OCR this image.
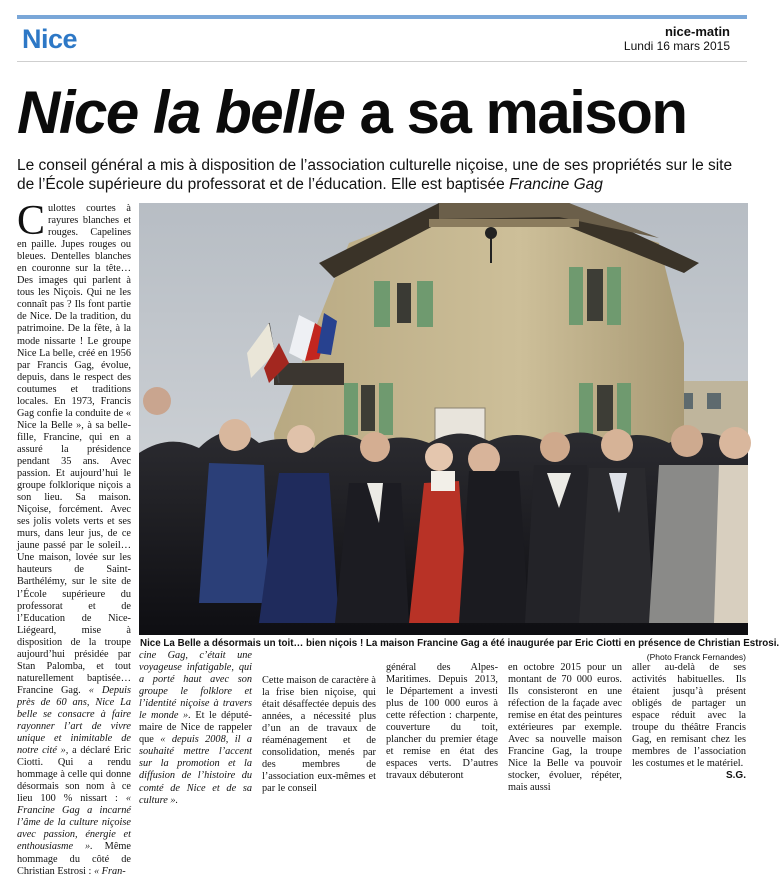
Nice	nice-matin
Lundi 16 mars 2015
Nice la belle a sa maison
Le conseil général a mis à disposition de l’association culturelle niçoise, une de ses propriétés sur le site de l’École supérieure du professorat et de l’éducation. Elle est baptisée Francine Gag

Culottes courtes à rayures blanches et rouges. Capelines en paille. Jupes rouges ou bleues. Dentelles blanches en couronne sur la tête… Des images qui parlent à tous les Niçois. Qui ne les connaît pas ? Ils font partie de Nice. De la tradition, du patrimoine. De la fête, à la mode nissarte ! Le groupe Nice La belle, créé en 1956 par Francis Gag, évolue, depuis, dans le respect des coutumes et traditions locales. En 1973, Francis Gag confie la conduite de « Nice la Belle », à sa belle-fille, Francine, qui en a assuré la présidence pendant 35 ans. Avec passion. Et aujourd’hui le groupe folklorique niçois a son lieu. Sa maison. Niçoise, forcément. Avec ses jolis volets verts et ses murs, dans leur jus, de ce jaune passé par le soleil… Une maison, lovée sur les hauteurs de Saint-Barthélémy, sur le site de l’École supérieure du professorat et de l’Education de Nice-Liégeard, mise à disposition de la troupe aujourd’hui présidée par Stan Palomba, et tout naturellement baptisée… Francine Gag. « Depuis près de 60 ans, Nice La belle se consacre à faire rayonner l’art de vivre unique et inimitable de notre cité », a déclaré Eric Ciotti. Qui a rendu hommage à celle qui donne désormais son nom à ce lieu 100 % nissart : « Francine Gag a incarné l’âme de la culture niçoise avec passion, énergie et enthousiasme ». Même hommage du côté de Christian Estrosi : « Fran-

Nice La Belle a désormais un toit… bien niçois ! La maison Francine Gag a été inaugurée par Eric Ciotti en présence de Christian Estrosi.
(Photo Franck Fernandes)

cine Gag, c’était une voyageuse infatigable, qui a porté haut avec son groupe le folklore et l’identité niçoise à travers le monde ». Et le député-maire de Nice de rappeler que « depuis 2008, il a souhaité mettre l’accent sur la promotion et la diffusion de l’histoire du comté de Nice et de sa culture ».

Cette maison de caractère à la frise bien niçoise, qui était désaffectée depuis des années, a nécessité plus d’un an de travaux de réaménagement et de consolidation, menés par des membres de l’association eux-mêmes et par le conseil

général des Alpes-Maritimes. Depuis 2013, le Département a investi plus de 100 000 euros à cette réfection : charpente, couverture du toit, plancher du premier étage et remise en état des espaces verts. D’autres travaux débuteront

en octobre 2015 pour un montant de 70 000 euros. Ils consisteront en une réfection de la façade avec remise en état des peintures extérieures par exemple. Avec sa nouvelle maison Francine Gag, la troupe Nice la Belle va pouvoir stocker, évoluer, répéter, mais aussi

aller au-delà de ses activités habituelles. Ils étaient jusqu’à présent obligés de partager un espace réduit avec la troupe du théâtre Francis Gag, en remisant chez les membres de l’association les costumes et le matériel.

S.G.
